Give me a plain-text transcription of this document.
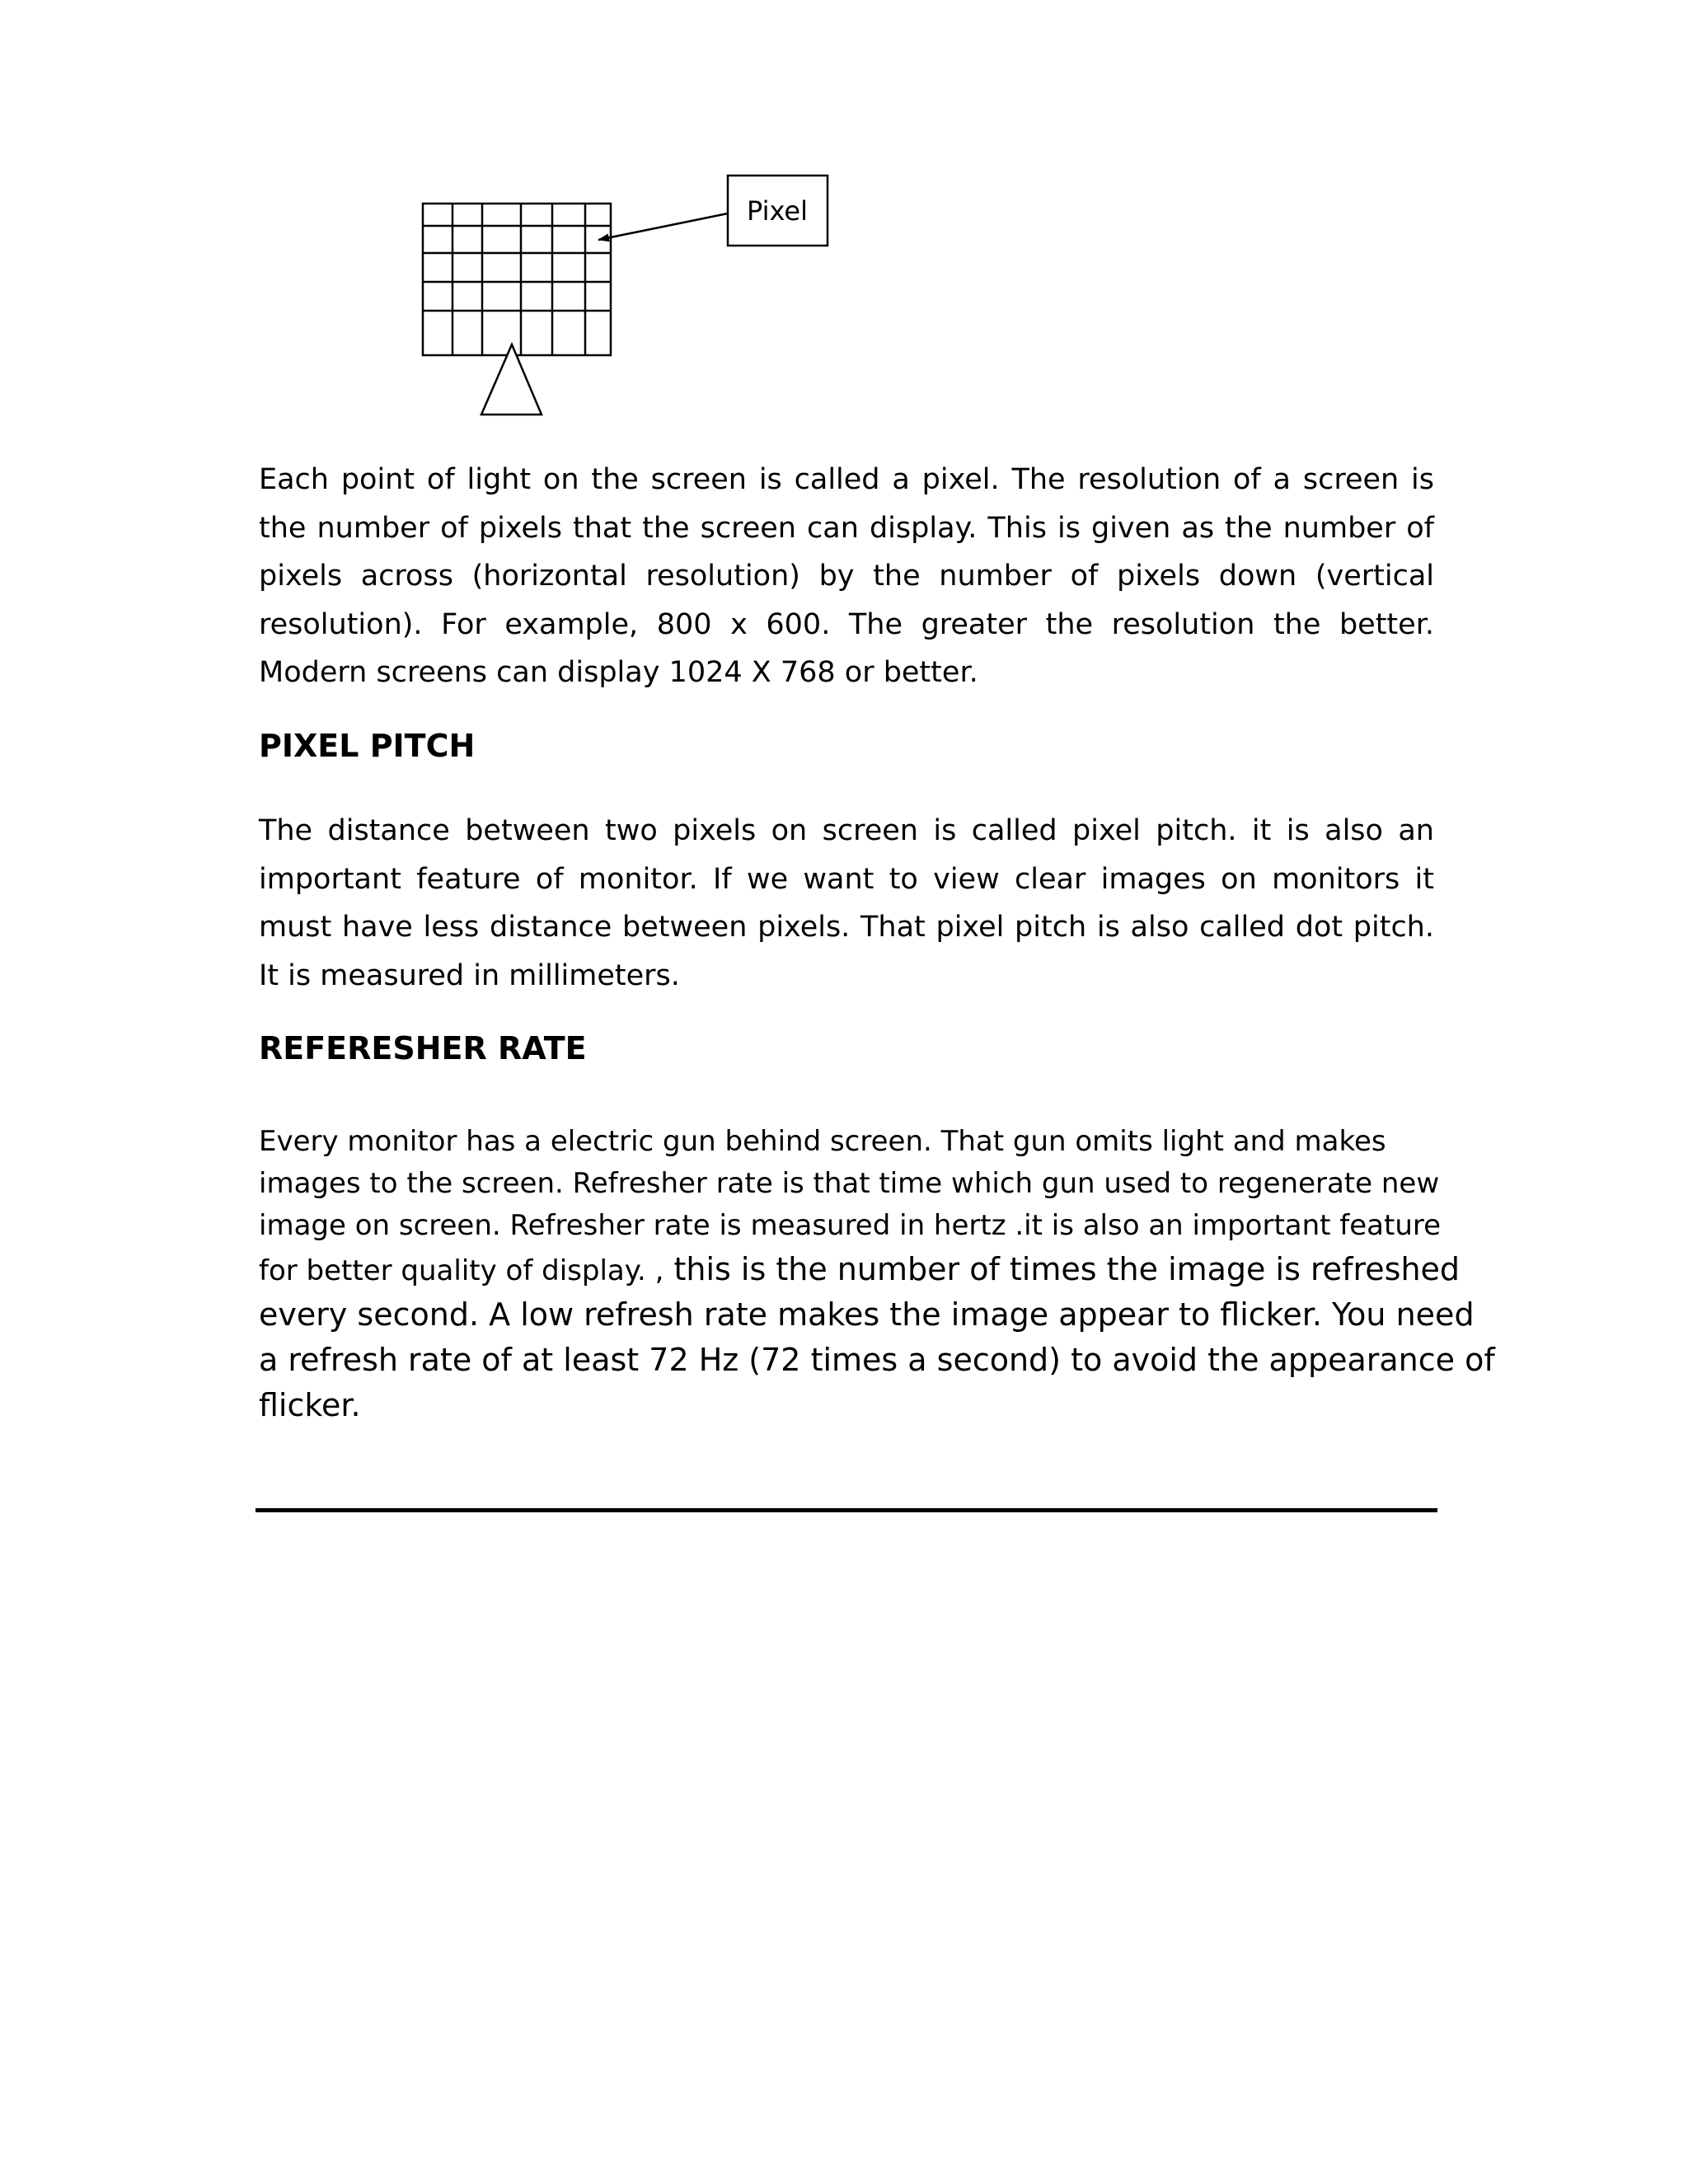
Pixel

Each point of light on the screen is called a pixel. The resolution of a screen is the number of pixels that the screen can display. This is given as the number of pixels across (horizontal resolution) by the number of pixels down (vertical resolution). For example, 800 x 600. The greater the resolution the better. Modern screens can display 1024 X 768 or better.

PIXEL PITCH

The distance between two pixels on screen is called pixel pitch. it is also an important feature of monitor. If we want to view clear images on monitors it must have less distance between pixels. That pixel pitch is also called dot pitch. It is measured in millimeters.

REFERESHER RATE

Every monitor has a electric gun behind screen. That gun omits light and makes
images to the screen. Refresher rate is that time which gun used to regenerate new
image on screen. Refresher rate is measured in hertz .it is also an important feature
for better quality of display. , this is the number of times the image is refreshed
every second. A low refresh rate makes the image appear to flicker. You need
a refresh rate of at least 72 Hz (72 times a second) to avoid the appearance of
flicker.
